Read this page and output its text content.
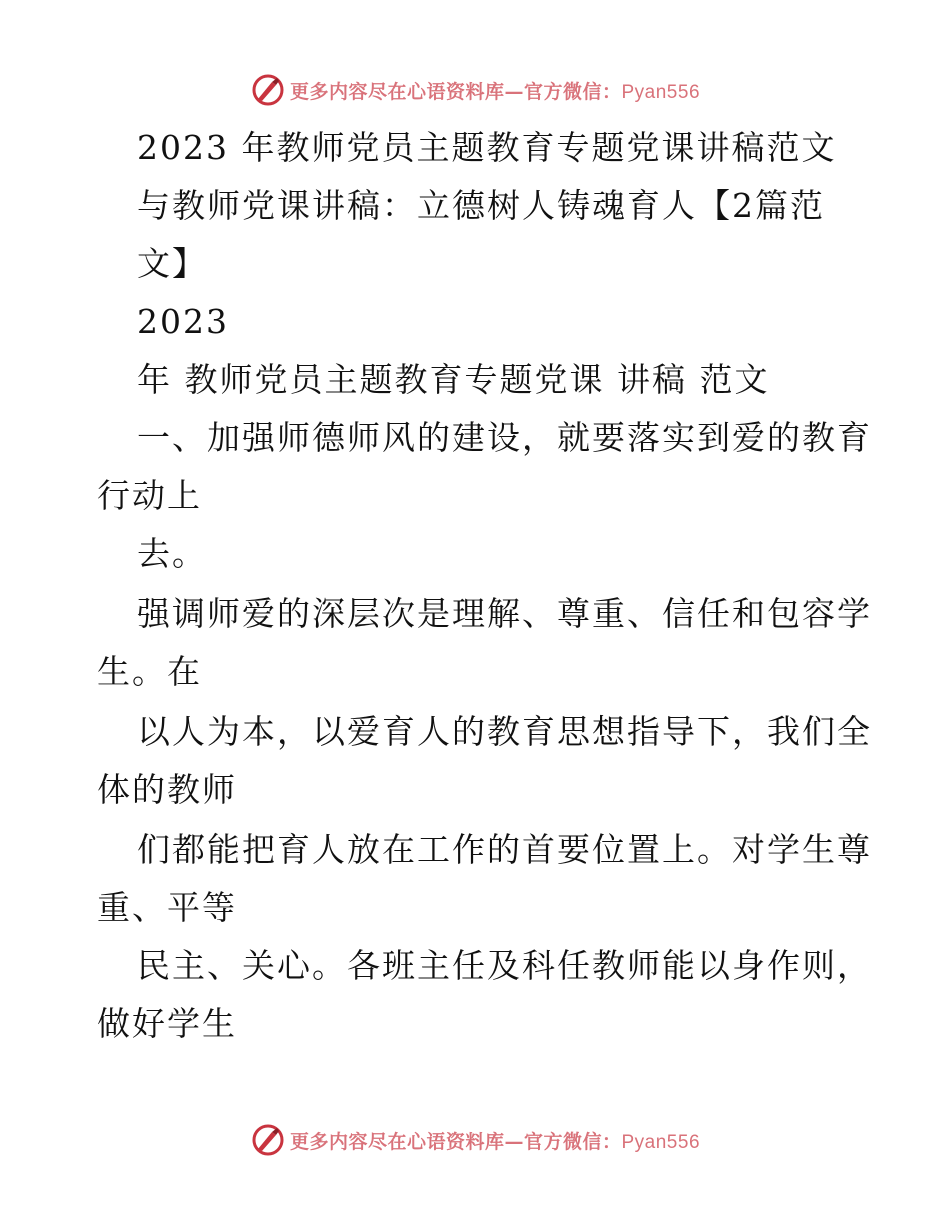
更多内容尽在心语资料库—官方微信：Pyan556
2023 年教师党员主题教育专题党课讲稿范文
与教师党课讲稿：立德树人铸魂育人【2篇范
文】
2023
年 教师党员主题教育专题党课 讲稿 范文
一、加强师德师风的建设，就要落实到爱的教育
行动上
去。
强调师爱的深层次是理解、尊重、信任和包容学
生。在
以人为本，以爱育人的教育思想指导下，我们全
体的教师
们都能把育人放在工作的首要位置上。对学生尊
重、平等
民主、关心。各班主任及科任教师能以身作则，
做好学生
更多内容尽在心语资料库—官方微信：Pyan556
